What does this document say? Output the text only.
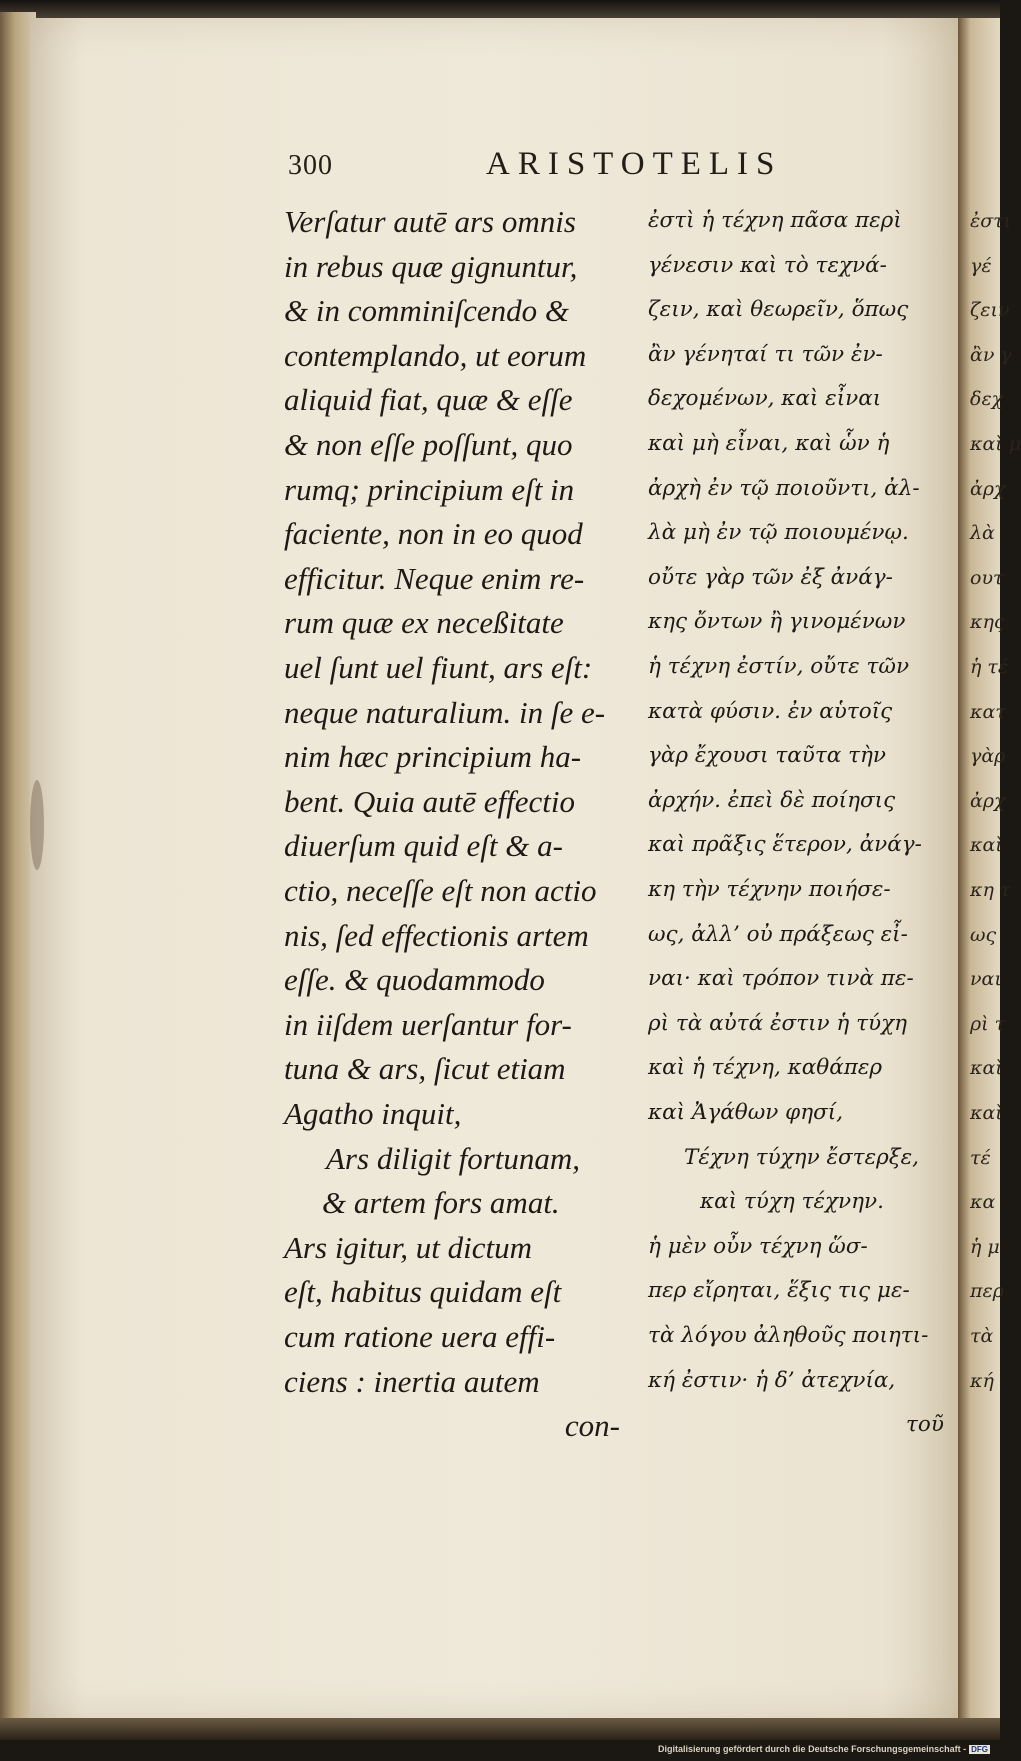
ἐστι
γέ
ζειν
ἂν γ
δεχ
καὶ μ
ἀρχ
λὰ
ουτ
κης
ἡ τέ
κατ
γὰρ
ἀρχ
καὶ
κη τ
ως
ναι
ρὶ τ
καὶ
καὶ
τέ
κα
ἡ μ
περ
τὰ
κή
300	ARISTOTELIS
Verſatur autē ars omnis
in rebus quæ gignuntur,
& in comminiſcendo &
contemplando, ut eorum
aliquid fiat, quæ & eſſe
& non eſſe poſſunt, quo
rumq; principium eſt in
faciente, non in eo quod
efficitur. Neque enim re-
rum quæ ex neceßitate
uel ſunt uel fiunt, ars eſt:
neque naturalium. in ſe e-
nim hæc principium ha-
bent. Quia autē effectio
diuerſum quid eſt & a-
ctio, neceſſe eſt non actio
nis, ſed effectionis artem
eſſe. & quodammodo
in iiſdem uerſantur for-
tuna & ars, ſicut etiam
Agatho inquit,
Ars diligit fortunam,
& artem fors amat.
Ars igitur, ut dictum
eſt, habitus quidam eſt
cum ratione uera effi-
ciens : inertia autem
con-
ἐστὶ ἡ τέχνη πᾶσα περὶ
γένεσιν καὶ τὸ τεχνά-
ζειν, καὶ θεωρεῖν, ὅπως
ἂν γένηταί τι τῶν ἐν-
δεχομένων, καὶ εἶναι
καὶ μὴ εἶναι, καὶ ὧν ἡ
ἀρχὴ ἐν τῷ ποιοῦντι, ἀλ-
λὰ μὴ ἐν τῷ ποιουμένῳ.
οὔτε γὰρ τῶν ἐξ ἀνάγ-
κης ὄντων ἢ γινομένων
ἡ τέχνη ἐστίν, οὔτε τῶν
κατὰ φύσιν. ἐν αὑτοῖς
γὰρ ἔχουσι ταῦτα τὴν
ἀρχήν. ἐπεὶ δὲ ποίησις
καὶ πρᾶξις ἕτερον, ἀνάγ-
κη τὴν τέχνην ποιήσε-
ως, ἀλλ’ οὐ πράξεως εἶ-
ναι· καὶ τρόπον τινὰ πε-
ρὶ τὰ αὐτά ἐστιν ἡ τύχη
καὶ ἡ τέχνη, καθάπερ
καὶ Ἀγάθων φησί,
Τέχνη τύχην ἔστερξε,
καὶ τύχη τέχνην.
ἡ μὲν οὖν τέχνη ὥσ-
περ εἴρηται, ἕξις τις με-
τὰ λόγου ἀληθοῦς ποιητι-
κή ἐστιν· ἡ δ’ ἀτεχνία,
τοῦ
Digitalisierung gefördert durch die Deutsche Forschungsgemeinschaft - DFG
